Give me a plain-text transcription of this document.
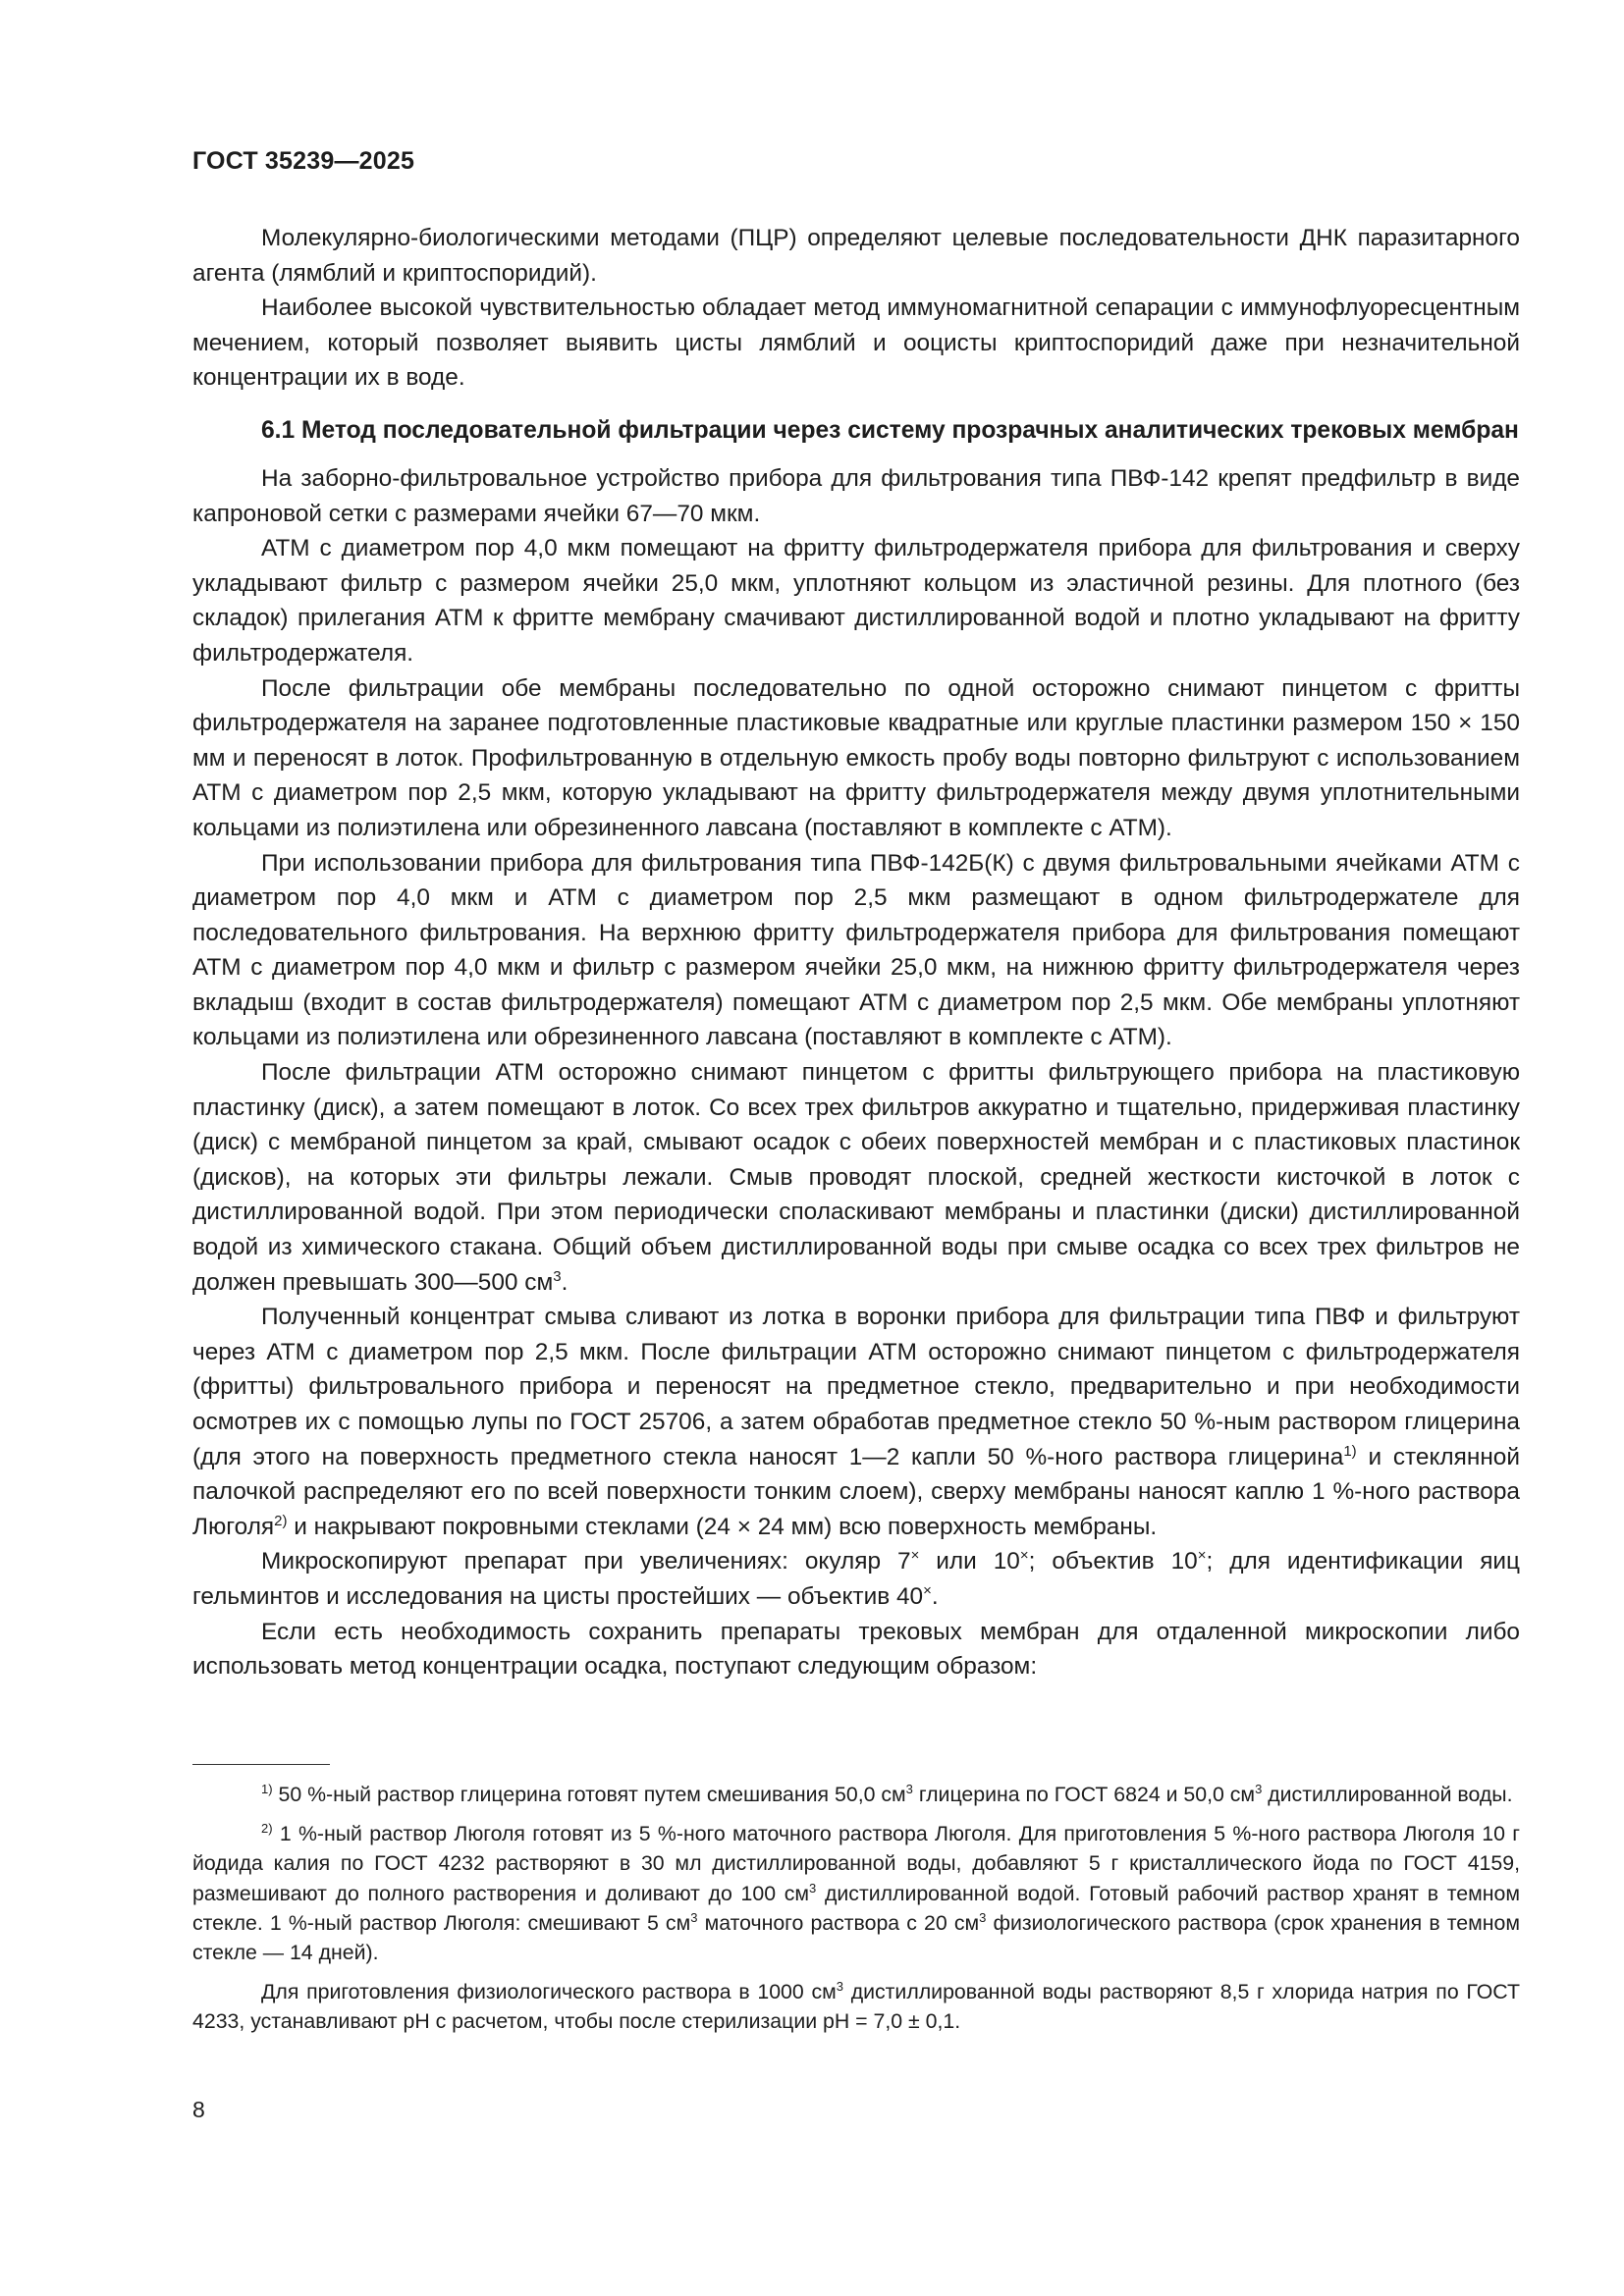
ГОСТ 35239—2025

Молекулярно-биологическими методами (ПЦР) определяют целевые последовательности ДНК паразитарного агента (лямблий и криптоспоридий).

Наиболее высокой чувствительностью обладает метод иммуномагнитной сепарации с иммунофлуоресцентным мечением, который позволяет выявить цисты лямблий и ооцисты криптоспоридий даже при незначительной концентрации их в воде.

6.1 Метод последовательной фильтрации через систему прозрачных аналитических трековых мембран

На заборно-фильтровальное устройство прибора для фильтрования типа ПВФ-142 крепят предфильтр в виде капроновой сетки с размерами ячейки 67—70 мкм.

АТМ с диаметром пор 4,0 мкм помещают на фритту фильтродержателя прибора для фильтрования и сверху укладывают фильтр с размером ячейки 25,0 мкм, уплотняют кольцом из эластичной резины. Для плотного (без складок) прилегания АТМ к фритте мембрану смачивают дистиллированной водой и плотно укладывают на фритту фильтродержателя.

После фильтрации обе мембраны последовательно по одной осторожно снимают пинцетом с фритты фильтродержателя на заранее подготовленные пластиковые квадратные или круглые пластинки размером 150 × 150 мм и переносят в лоток. Профильтрованную в отдельную емкость пробу воды повторно фильтруют с использованием АТМ с диаметром пор 2,5 мкм, которую укладывают на фритту фильтродержателя между двумя уплотнительными кольцами из полиэтилена или обрезиненного лавсана (поставляют в комплекте с АТМ).

При использовании прибора для фильтрования типа ПВФ-142Б(К) с двумя фильтровальными ячейками АТМ с диаметром пор 4,0 мкм и АТМ с диаметром пор 2,5 мкм размещают в одном фильтродержателе для последовательного фильтрования. На верхнюю фритту фильтродержателя прибора для фильтрования помещают АТМ с диаметром пор 4,0 мкм и фильтр с размером ячейки 25,0 мкм, на нижнюю фритту фильтродержателя через вкладыш (входит в состав фильтродержателя) помещают АТМ с диаметром пор 2,5 мкм. Обе мембраны уплотняют кольцами из полиэтилена или обрезиненного лавсана (поставляют в комплекте с АТМ).

После фильтрации АТМ осторожно снимают пинцетом с фритты фильтрующего прибора на пластиковую пластинку (диск), а затем помещают в лоток. Со всех трех фильтров аккуратно и тщательно, придерживая пластинку (диск) с мембраной пинцетом за край, смывают осадок с обеих поверхностей мембран и с пластиковых пластинок (дисков), на которых эти фильтры лежали. Смыв проводят плоской, средней жесткости кисточкой в лоток с дистиллированной водой. При этом периодически споласкивают мембраны и пластинки (диски) дистиллированной водой из химического стакана. Общий объем дистиллированной воды при смыве осадка со всех трех фильтров не должен превышать 300—500 $см^3$.

Полученный концентрат смыва сливают из лотка в воронки прибора для фильтрации типа ПВФ и фильтруют через АТМ с диаметром пор 2,5 мкм. После фильтрации АТМ осторожно снимают пинцетом с фильтродержателя (фритты) фильтровального прибора и переносят на предметное стекло, предварительно и при необходимости осмотрев их с помощью лупы по ГОСТ 25706, а затем обработав предметное стекло 50 %-ным раствором глицерина (для этого на поверхность предметного стекла наносят 1—2 капли 50 %-ного раствора глицерина$^{1)}$ и стеклянной палочкой распределяют его по всей поверхности тонким слоем), сверху мембраны наносят каплю 1 %-ного раствора Люголя$^{2)}$ и накрывают покровными стеклами (24 × 24 мм) всю поверхность мембраны.

Микроскопируют препарат при увеличениях: окуляр 7× или 10×; объектив 10×; для идентификации яиц гельминтов и исследования на цисты простейших — объектив 40×.

Если есть необходимость сохранить препараты трековых мембран для отдаленной микроскопии либо использовать метод концентрации осадка, поступают следующим образом:

$^{1)}$ 50 %-ный раствор глицерина готовят путем смешивания 50,0 $см^3$ глицерина по ГОСТ 6824 и 50,0 $см^3$ дистиллированной воды.

$^{2)}$ 1 %-ный раствор Люголя готовят из 5 %-ного маточного раствора Люголя. Для приготовления 5 %-ного раствора Люголя 10 г йодида калия по ГОСТ 4232 растворяют в 30 мл дистиллированной воды, добавляют 5 г кристаллического йода по ГОСТ 4159, размешивают до полного растворения и доливают до 100 $см^3$ дистиллированной водой. Готовый рабочий раствор хранят в темном стекле. 1 %-ный раствор Люголя: смешивают 5 $см^3$ маточного раствора с 20 $см^3$ физиологического раствора (срок хранения в темном стекле — 14 дней).

Для приготовления физиологического раствора в 1000 $см^3$ дистиллированной воды растворяют 8,5 г хлорида натрия по ГОСТ 4233, устанавливают pH с расчетом, чтобы после стерилизации pH = 7,0 ± 0,1.

8
